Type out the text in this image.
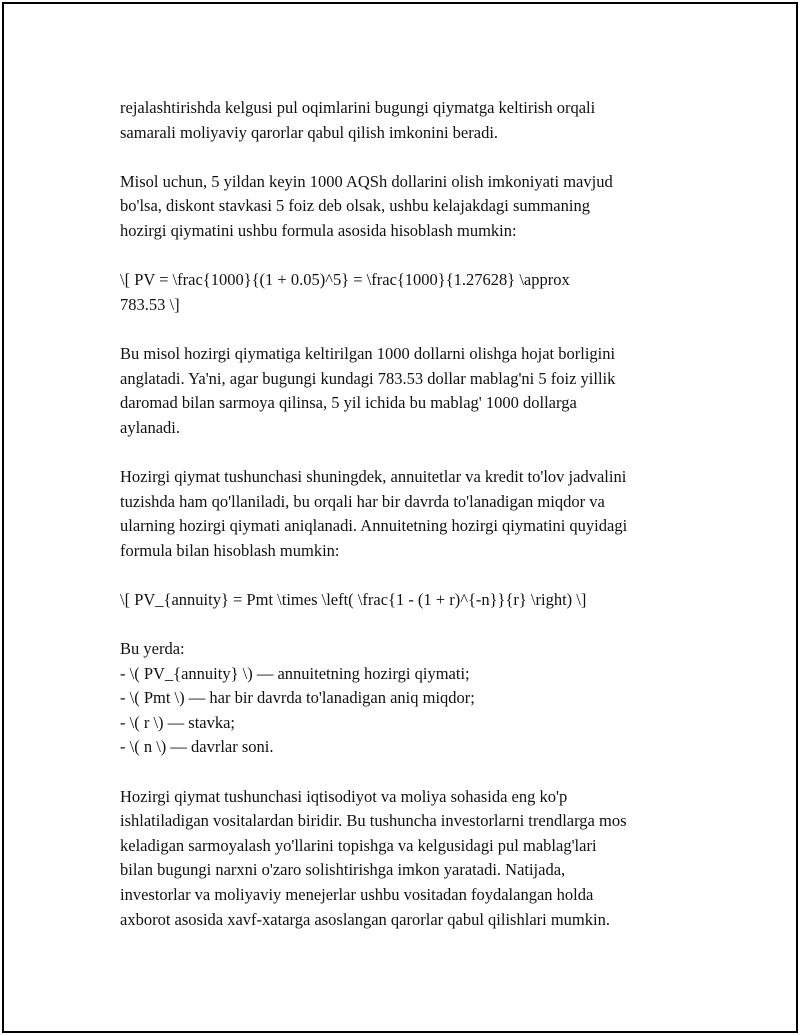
rejalashtirishda kelgusi pul oqimlarini bugungi qiymatga keltirish orqali
samarali moliyaviy qarorlar qabul qilish imkonini beradi.

Misol uchun, 5 yildan keyin 1000 AQSh dollarini olish imkoniyati mavjud
bo'lsa, diskont stavkasi 5 foiz deb olsak, ushbu kelajakdagi summaning
hozirgi qiymatini ushbu formula asosida hisoblash mumkin:

\[ PV = \frac{1000}{(1 + 0.05)^5} = \frac{1000}{1.27628} \approx
783.53 \]

Bu misol hozirgi qiymatiga keltirilgan 1000 dollarni olishga hojat borligini
anglatadi. Ya'ni, agar bugungi kundagi 783.53 dollar mablag'ni 5 foiz yillik
daromad bilan sarmoya qilinsa, 5 yil ichida bu mablag' 1000 dollarga
aylanadi.

Hozirgi qiymat tushunchasi shuningdek, annuitetlar va kredit to'lov jadvalini
tuzishda ham qo'llaniladi, bu orqali har bir davrda to'lanadigan miqdor va
ularning hozirgi qiymati aniqlanadi. Annuitetning hozirgi qiymatini quyidagi
formula bilan hisoblash mumkin:

\[ PV_{annuity} = Pmt \times \left( \frac{1 - (1 + r)^{-n}}{r} \right) \]

Bu yerda:

- \( PV_{annuity} \) — annuitetning hozirgi qiymati;
- \( Pmt \) — har bir davrda to'lanadigan aniq miqdor;
- \( r \) — stavka;
- \( n \) — davrlar soni.

Hozirgi qiymat tushunchasi iqtisodiyot va moliya sohasida eng ko'p
ishlatiladigan vositalardan biridir. Bu tushuncha investorlarni trendlarga mos
keladigan sarmoyalash yo'llarini topishga va kelgusidagi pul mablag'lari
bilan bugungi narxni o'zaro solishtirishga imkon yaratadi. Natijada,
investorlar va moliyaviy menejerlar ushbu vositadan foydalangan holda
axborot asosida xavf-xatarga asoslangan qarorlar qabul qilishlari mumkin.
